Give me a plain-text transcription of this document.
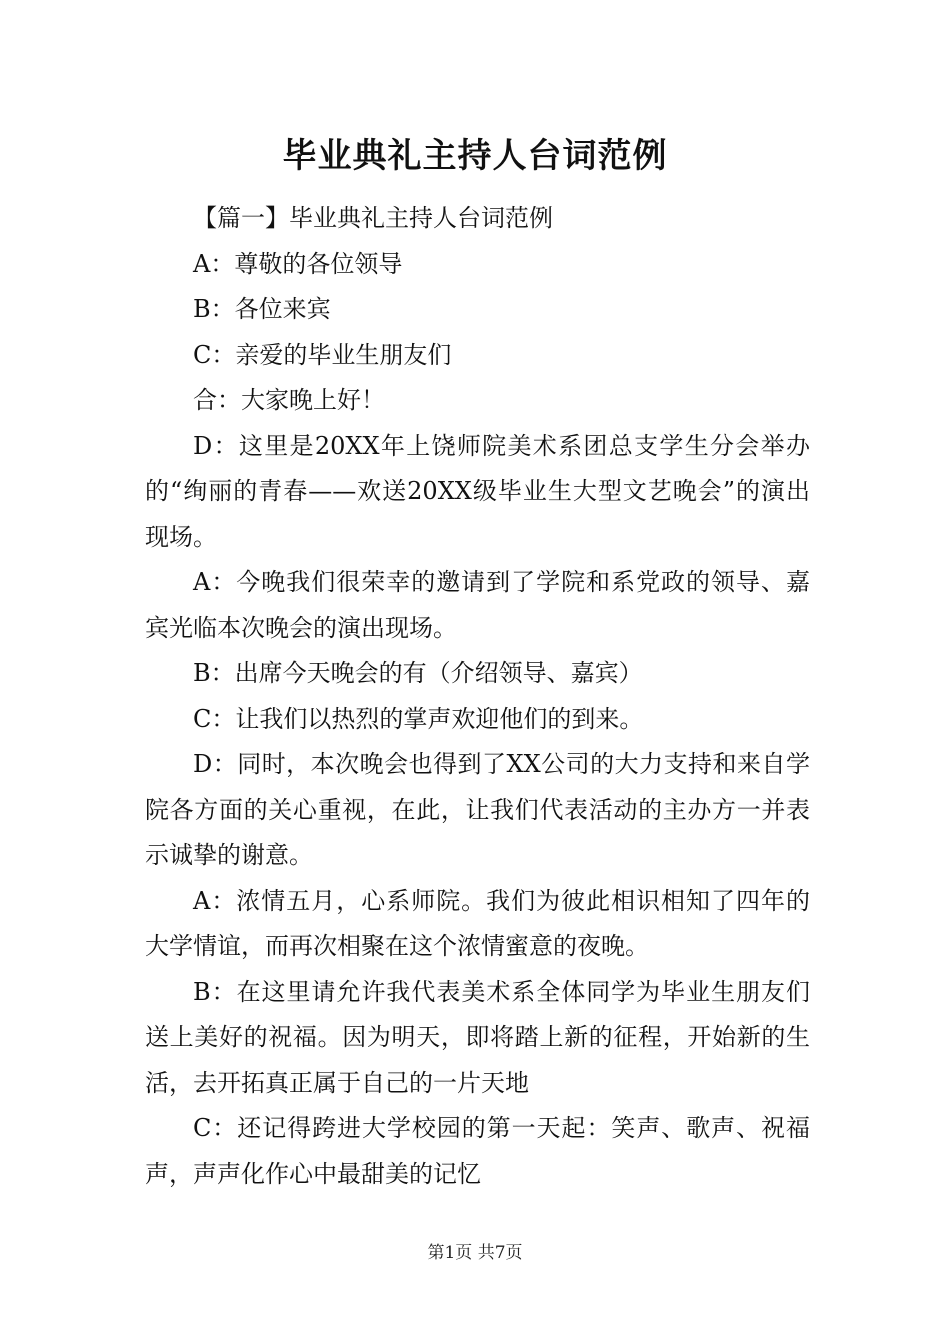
毕业典礼主持人台词范例

【篇一】毕业典礼主持人台词范例

A：尊敬的各位领导

B：各位来宾

C：亲爱的毕业生朋友们

合：大家晚上好！

D：这里是20XX年上饶师院美术系团总支学生分会举办的“绚丽的青春——欢送20XX级毕业生大型文艺晚会”的演出现场。

A：今晚我们很荣幸的邀请到了学院和系党政的领导、嘉宾光临本次晚会的演出现场。

B：出席今天晚会的有（介绍领导、嘉宾）

C：让我们以热烈的掌声欢迎他们的到来。

D：同时，本次晚会也得到了XX公司的大力支持和来自学院各方面的关心重视，在此，让我们代表活动的主办方一并表示诚挚的谢意。

A：浓情五月，心系师院。我们为彼此相识相知了四年的大学情谊，而再次相聚在这个浓情蜜意的夜晚。

B：在这里请允许我代表美术系全体同学为毕业生朋友们送上美好的祝福。因为明天，即将踏上新的征程，开始新的生活，去开拓真正属于自己的一片天地

C：还记得跨进大学校园的第一天起：笑声、歌声、祝福声，声声化作心中最甜美的记忆

第1页 共7页
